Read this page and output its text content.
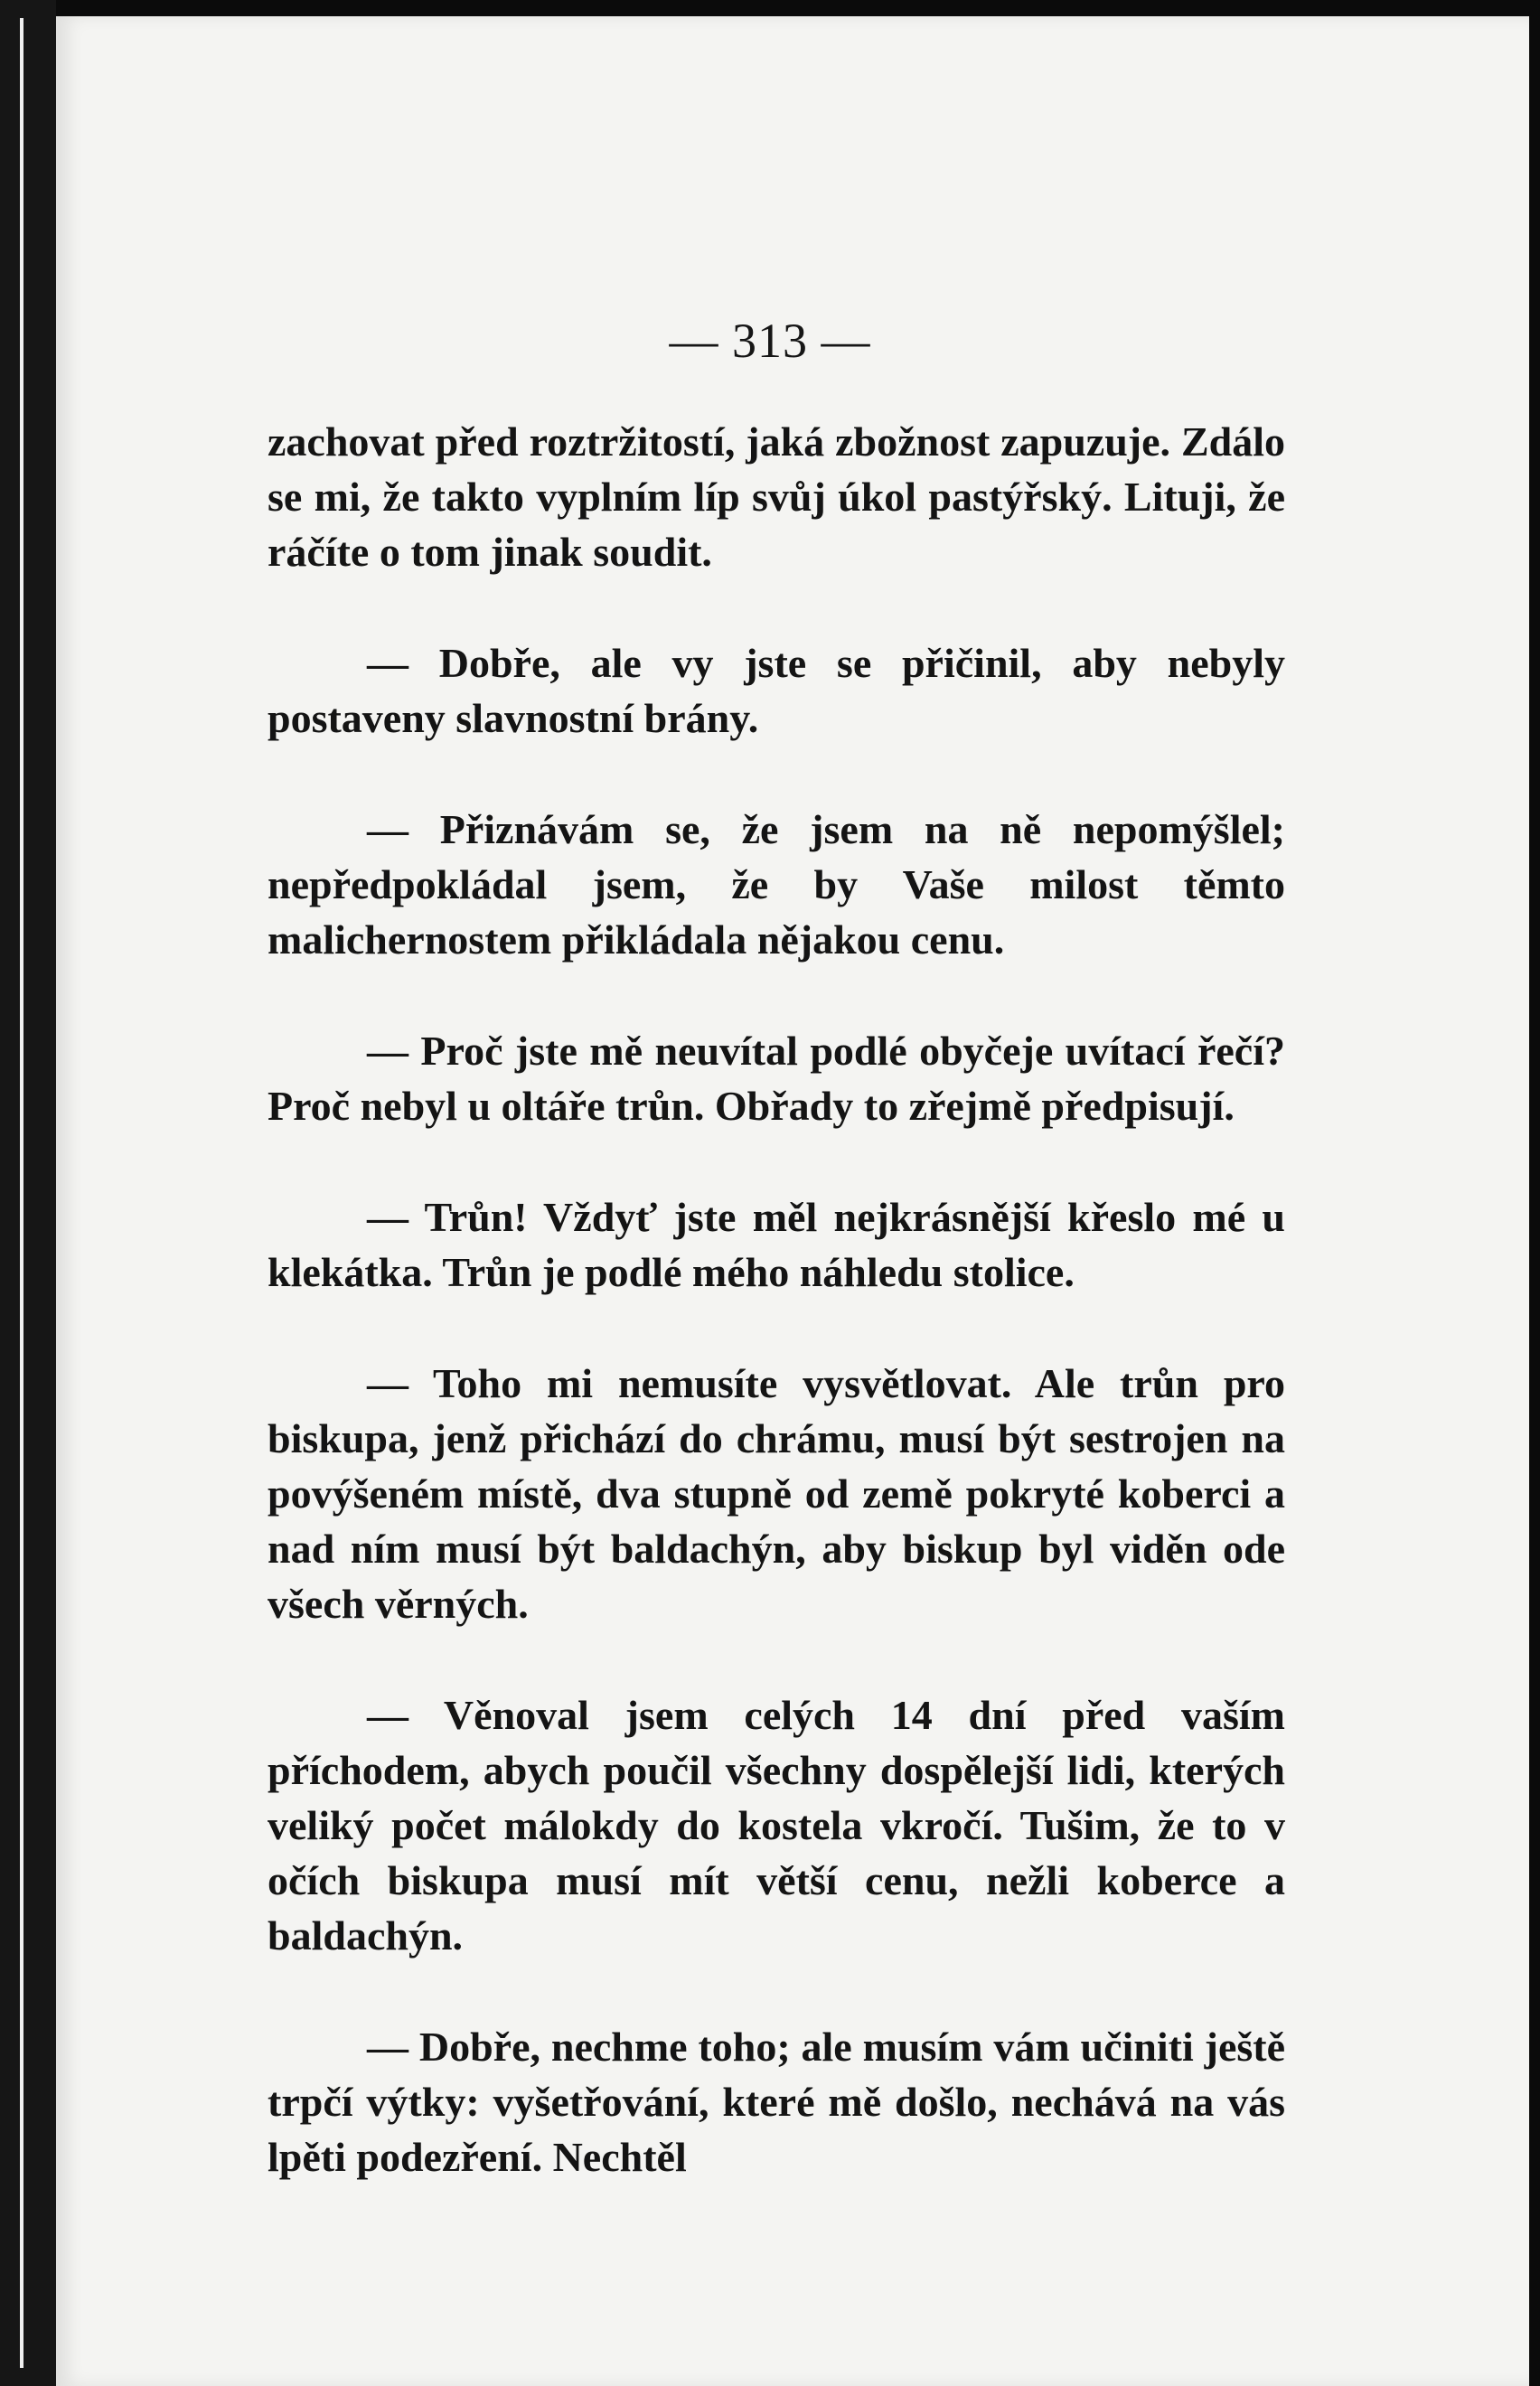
— 313 —

zachovat před roztržitostí, jaká zbožnost zapuzuje. Zdálo se mi, že takto vyplním líp svůj úkol pastýřský. Lituji, že ráčíte o tom jinak soudit.

— Dobře, ale vy jste se přičinil, aby nebyly postaveny slavnostní brány.

— Přiznávám se, že jsem na ně nepomýšlel; nepředpokládal jsem, že by Vaše milost těmto malichernostem přikládala nějakou cenu.

— Proč jste mě neuvítal podlé obyčeje uvítací řečí? Proč nebyl u oltáře trůn. Obřady to zřejmě předpisují.

— Trůn! Vždyť jste měl nejkrásnější křeslo mé u klekátka. Trůn je podlé mého náhledu stolice.

— Toho mi nemusíte vysvětlovat. Ale trůn pro biskupa, jenž přichází do chrámu, musí být sestrojen na povýšeném místě, dva stupně od země pokryté koberci a nad ním musí být baldachýn, aby biskup byl viděn ode všech věrných.

— Věnoval jsem celých 14 dní před vaším příchodem, abych poučil všechny dospělejší lidi, kterých veliký počet málokdy do kostela vkročí. Tušim, že to v očích biskupa musí mít větší cenu, nežli koberce a baldachýn.

— Dobře, nechme toho; ale musím vám učiniti ještě trpčí výtky: vyšetřování, které mě došlo, nechává na vás lpěti podezření. Nechtěl
